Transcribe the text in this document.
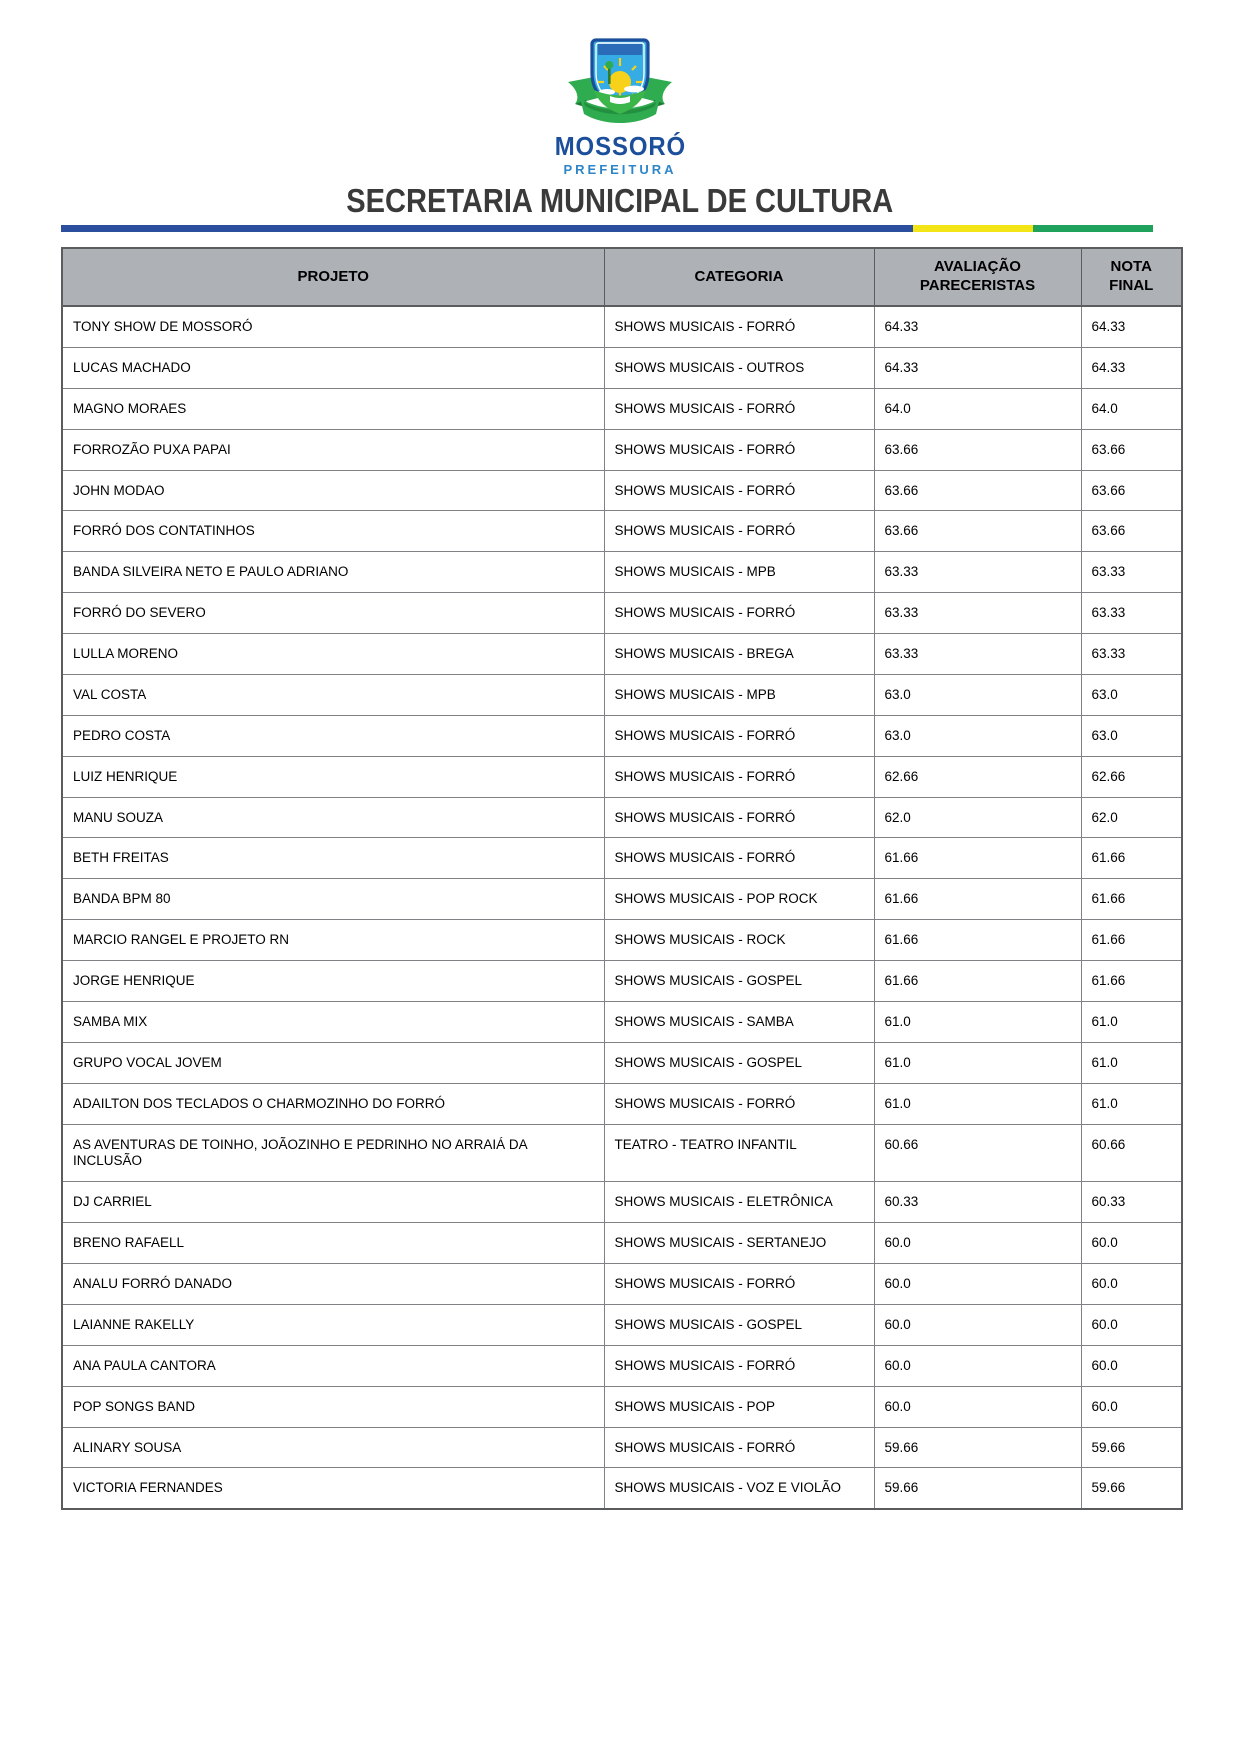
MOSSORÓ
PREFEITURA
SECRETARIA MUNICIPAL DE CULTURA
PROJETO	CATEGORIA	AVALIAÇÃO PARECERISTAS	NOTA FINAL
TONY SHOW DE MOSSORÓ	SHOWS MUSICAIS - FORRÓ	64.33	64.33
LUCAS MACHADO	SHOWS MUSICAIS - OUTROS	64.33	64.33
MAGNO MORAES	SHOWS MUSICAIS - FORRÓ	64.0	64.0
FORROZÃO PUXA PAPAI	SHOWS MUSICAIS - FORRÓ	63.66	63.66
JOHN MODAO	SHOWS MUSICAIS - FORRÓ	63.66	63.66
FORRÓ DOS CONTATINHOS	SHOWS MUSICAIS - FORRÓ	63.66	63.66
BANDA SILVEIRA NETO E PAULO ADRIANO	SHOWS MUSICAIS - MPB	63.33	63.33
FORRÓ DO SEVERO	SHOWS MUSICAIS - FORRÓ	63.33	63.33
LULLA MORENO	SHOWS MUSICAIS - BREGA	63.33	63.33
VAL COSTA	SHOWS MUSICAIS - MPB	63.0	63.0
PEDRO COSTA	SHOWS MUSICAIS - FORRÓ	63.0	63.0
LUIZ HENRIQUE	SHOWS MUSICAIS - FORRÓ	62.66	62.66
MANU SOUZA	SHOWS MUSICAIS - FORRÓ	62.0	62.0
BETH FREITAS	SHOWS MUSICAIS - FORRÓ	61.66	61.66
BANDA BPM 80	SHOWS MUSICAIS - POP ROCK	61.66	61.66
MARCIO RANGEL E PROJETO RN	SHOWS MUSICAIS - ROCK	61.66	61.66
JORGE HENRIQUE	SHOWS MUSICAIS - GOSPEL	61.66	61.66
SAMBA MIX	SHOWS MUSICAIS - SAMBA	61.0	61.0
GRUPO VOCAL JOVEM	SHOWS MUSICAIS - GOSPEL	61.0	61.0
ADAILTON DOS TECLADOS O CHARMOZINHO DO FORRÓ	SHOWS MUSICAIS - FORRÓ	61.0	61.0
AS AVENTURAS DE TOINHO, JOÃOZINHO E PEDRINHO NO ARRAIÁ DA INCLUSÃO	TEATRO - TEATRO INFANTIL	60.66	60.66
DJ CARRIEL	SHOWS MUSICAIS - ELETRÔNICA	60.33	60.33
BRENO RAFAELL	SHOWS MUSICAIS - SERTANEJO	60.0	60.0
ANALU FORRÓ DANADO	SHOWS MUSICAIS - FORRÓ	60.0	60.0
LAIANNE RAKELLY	SHOWS MUSICAIS - GOSPEL	60.0	60.0
ANA PAULA CANTORA	SHOWS MUSICAIS - FORRÓ	60.0	60.0
POP SONGS BAND	SHOWS MUSICAIS - POP	60.0	60.0
ALINARY SOUSA	SHOWS MUSICAIS - FORRÓ	59.66	59.66
VICTORIA FERNANDES	SHOWS MUSICAIS - VOZ E VIOLÃO	59.66	59.66
